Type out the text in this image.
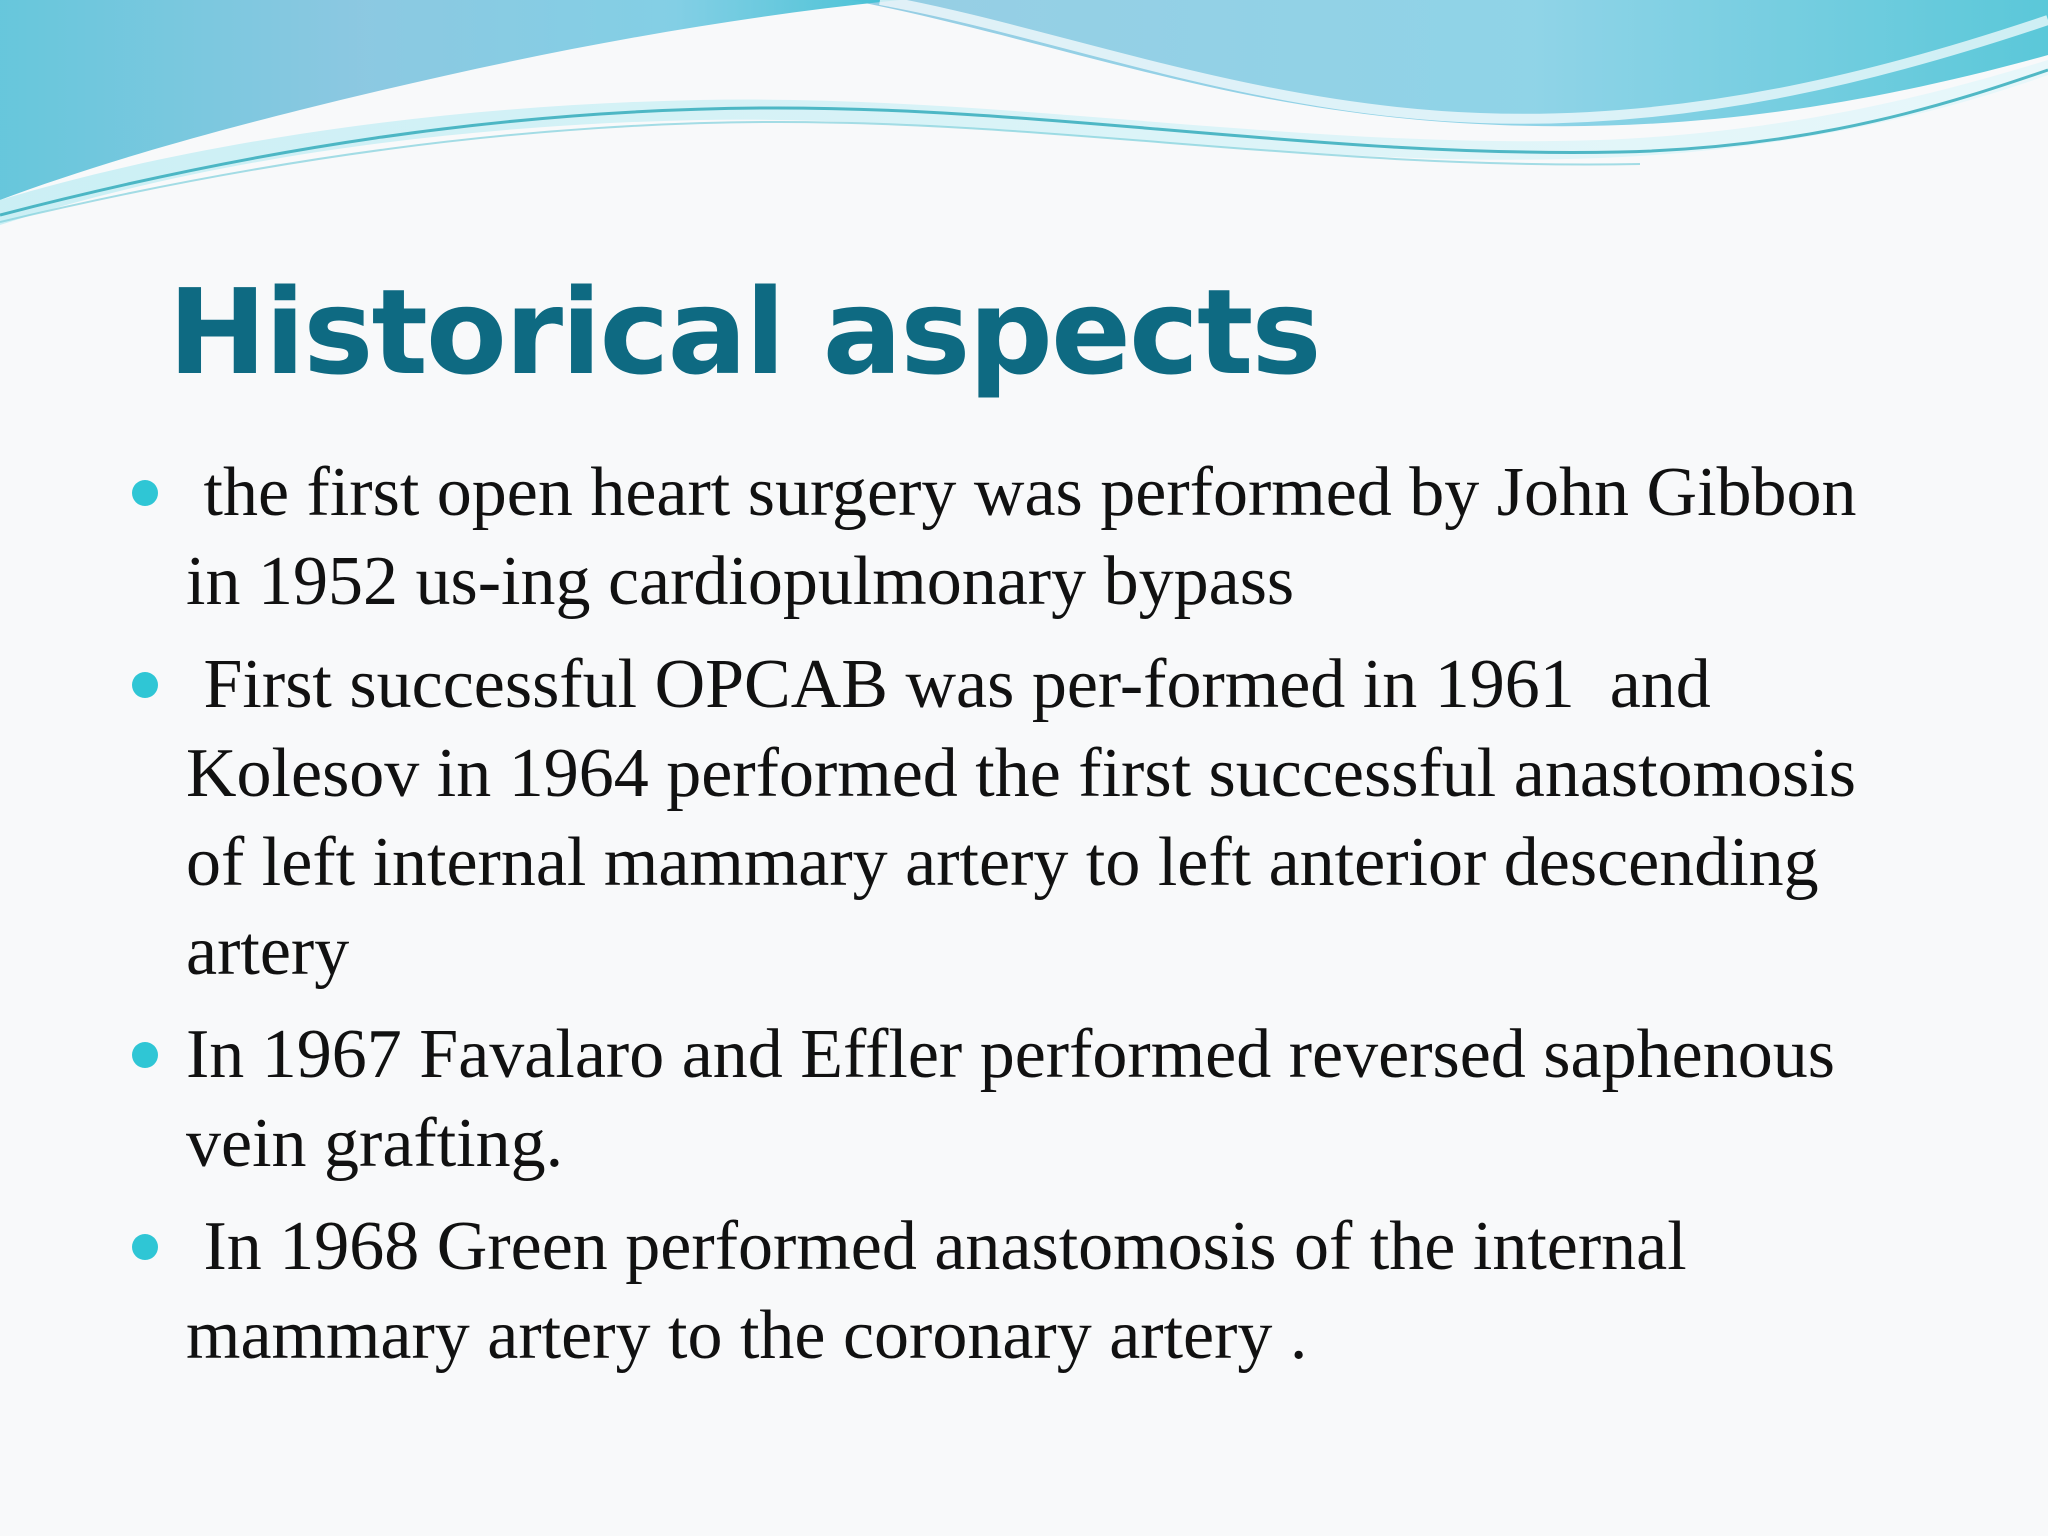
Historical aspects
the first open heart surgery was performed by John Gibbon in 1952 us-ing cardiopulmonary bypass
First successful OPCAB was per-formed in 1961  and Kolesov in 1964 performed the first successful anastomosis of left internal mammary artery to left anterior descending artery
In 1967 Favalaro and Effler performed reversed saphenous vein grafting.
In 1968 Green performed anastomosis of the internal mammary artery to the coronary artery .
